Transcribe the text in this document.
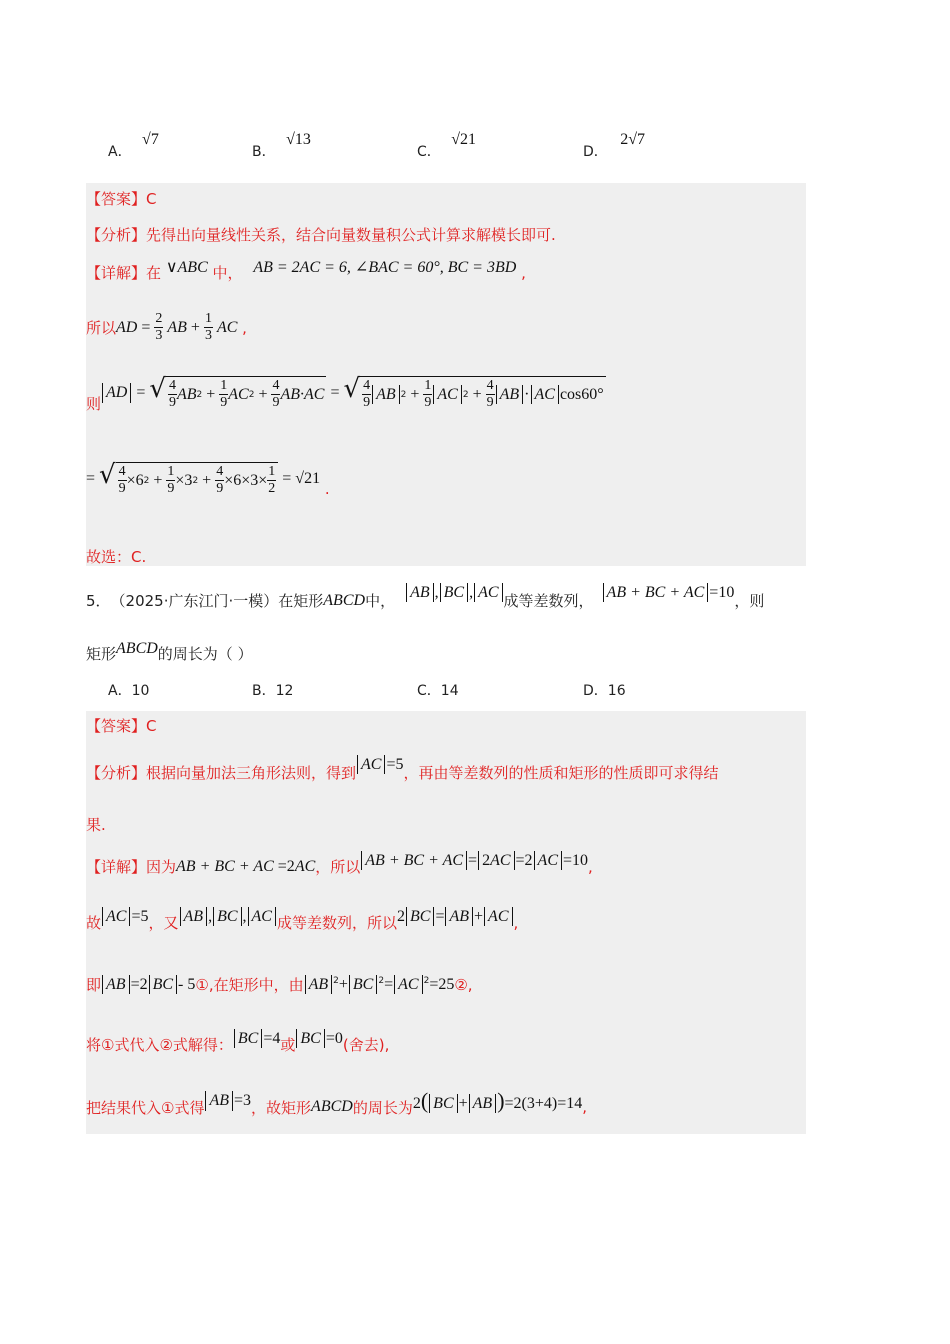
A． √7
B． √13
C． √21
D． 2√7
【答案】C
【分析】先得出向量线性关系，结合向量数量积公式计算求解模长即可.
【详解】在 ∨ABC 中， AB = 2AC = 6, ∠BAC = 60°, BC = 3BD ,
所以 AD = $\frac{2}{3}$ AB + $\frac{1}{3}$ AC ,
则
AD = √ $\frac{4}{9}$ AB $2 + \frac{1}{9}$ AC $2 + \frac{4}{9} AB\cdot AC$ = √ $\frac{4}{9}$ AB $2 + \frac{1}{9}$ AC $2 + \frac{4}{9}$ AB · AC cos60°
= √ $\frac{4}{9} \times 6$ $2 + \frac{1}{9} \times 3$ $2 + \frac{4}{9} \times 6\times 3\times \frac{1}{2} = √21$
.
故选：C.
5． （2025·广东江门·一模） 在矩形 ABCD 中， AB , BC , AC 成等差数列， AB + BC + AC =10 ，则
矩形ABCD的周长为（ ）
A．10	B．12	C．14	D．16
【答案】C
【分析】 根据向量加法三角形法则，得到 AC =5 ，再由等差数列的性质和矩形的性质即可求得结
果.
【详解】 因为 AB + BC + AC =2 AC ，所以 AB + BC + AC = 2AC =2 AC =10 ,
故 AC =5 ，又 AB , BC , AC 成等差数列，所以 2 BC = AB + AC ,
即 AB =2 BC - 5 ①,在矩形中，由 AB $^2$+ BC $^2$= AC $^2$=25 ②,
将①式代入②式解得： BC =4 或 BC =0 (舍去),
把结果代入①式得 AB =3 ，故矩形 ABCD 的周长为 2( BC + AB )=2(3+4)=14 ,
